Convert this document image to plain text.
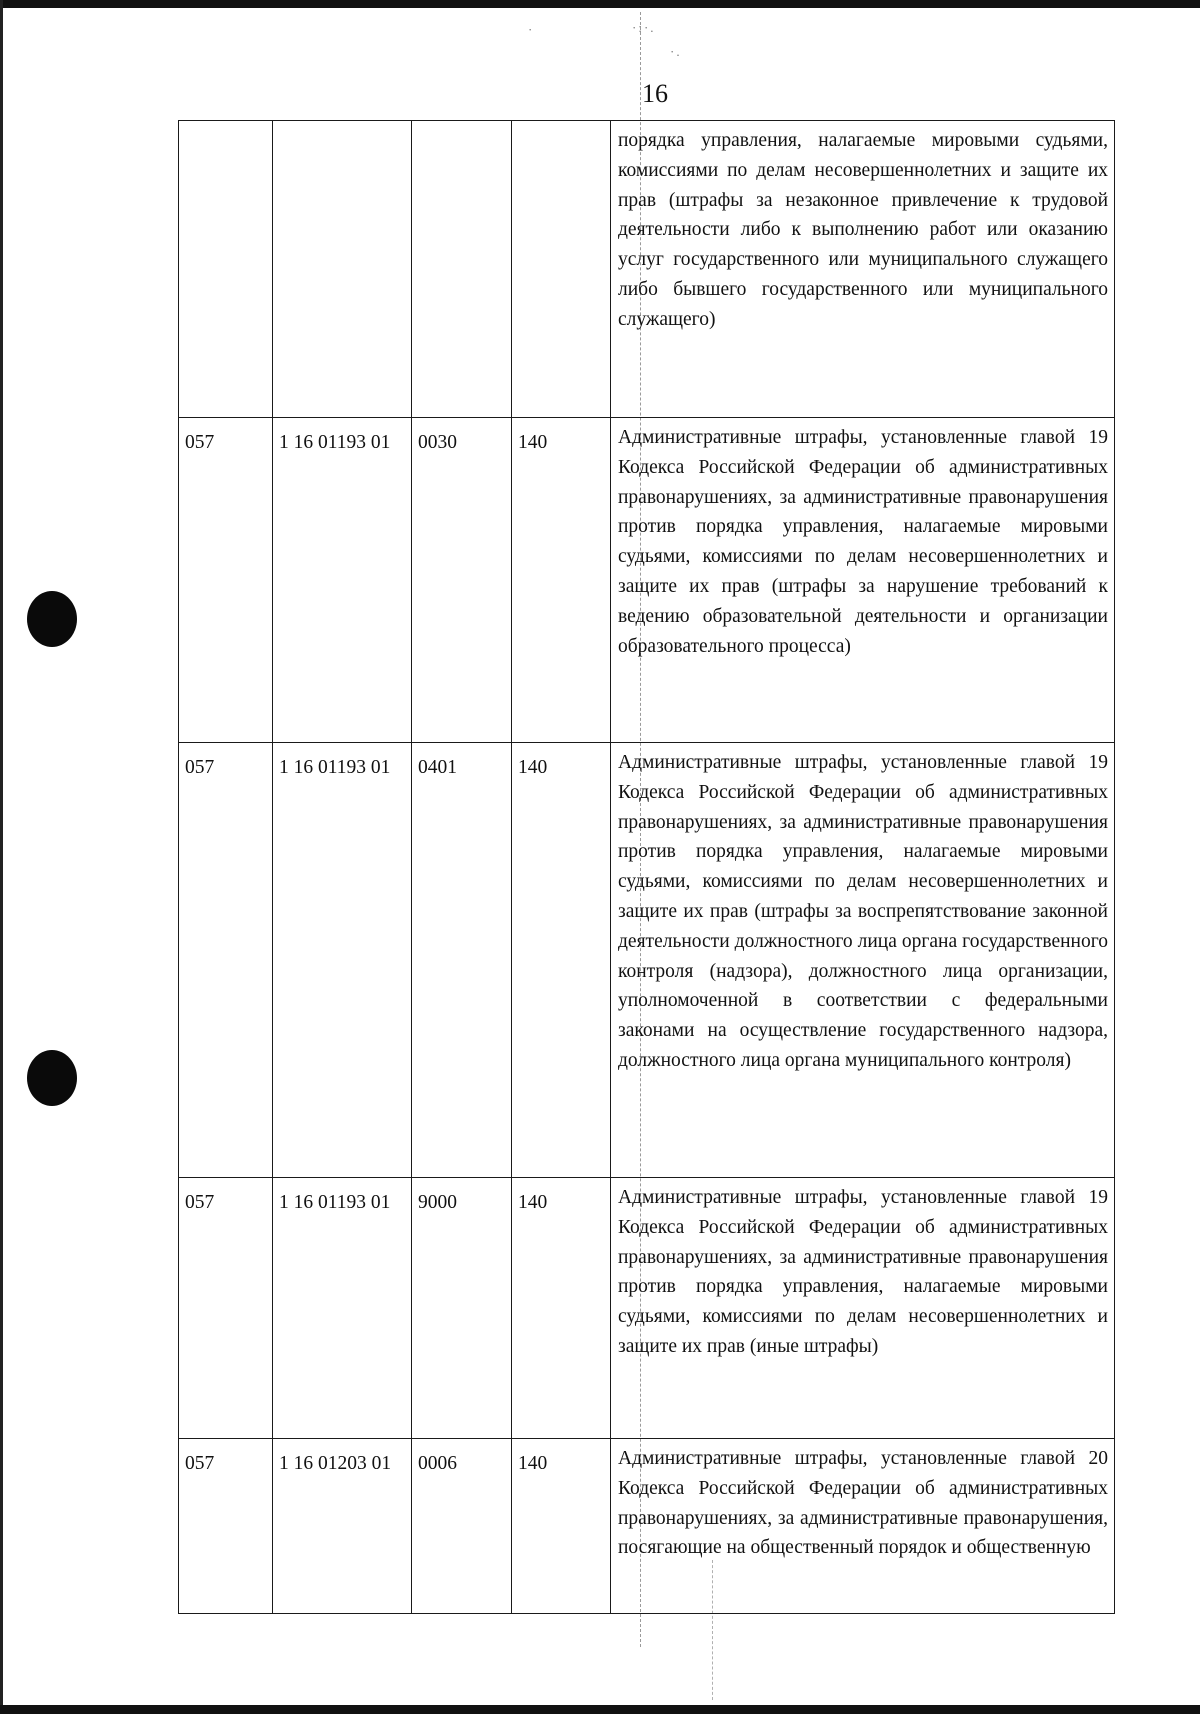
·	·:·.
·.
16
				порядка управления, налагаемые мировыми судьями, комиссиями по делам несовершеннолетних и защите их прав (штрафы за незаконное привлечение к трудовой деятельности либо к выполнению работ или оказанию услуг государственного или муниципального служащего либо бывшего государственного или муниципального служащего)
057	1 16 01193 01	0030	140	Административные штрафы, установленные главой 19 Кодекса Российской Федерации об административных правонарушениях, за административные правонарушения против порядка управления, налагаемые мировыми судьями, комиссиями по делам несовершеннолетних и защите их прав (штрафы за нарушение требований к ведению образовательной деятельности и организации образовательного процесса)
057	1 16 01193 01	0401	140	Административные штрафы, установленные главой 19 Кодекса Российской Федерации об административных правонарушениях, за административные правонарушения против порядка управления, налагаемые мировыми судьями, комиссиями по делам несовершеннолетних и защите их прав (штрафы за воспрепятствование законной деятельности должностного лица органа государственного контроля (надзора), должностного лица организации, уполномоченной в соответствии с федеральными законами на осуществление государственного надзора, должностного лица органа муниципального контроля)
057	1 16 01193 01	9000	140	Административные штрафы, установленные главой 19 Кодекса Российской Федерации об административных правонарушениях, за административные правонарушения против порядка управления, налагаемые мировыми судьями, комиссиями по делам несовершеннолетних и защите их прав (иные штрафы)
057	1 16 01203 01	0006	140	Административные штрафы, установленные главой 20 Кодекса Российской Федерации об административных правонарушениях, за административные правонарушения, посягающие на общественный порядок и общественную
